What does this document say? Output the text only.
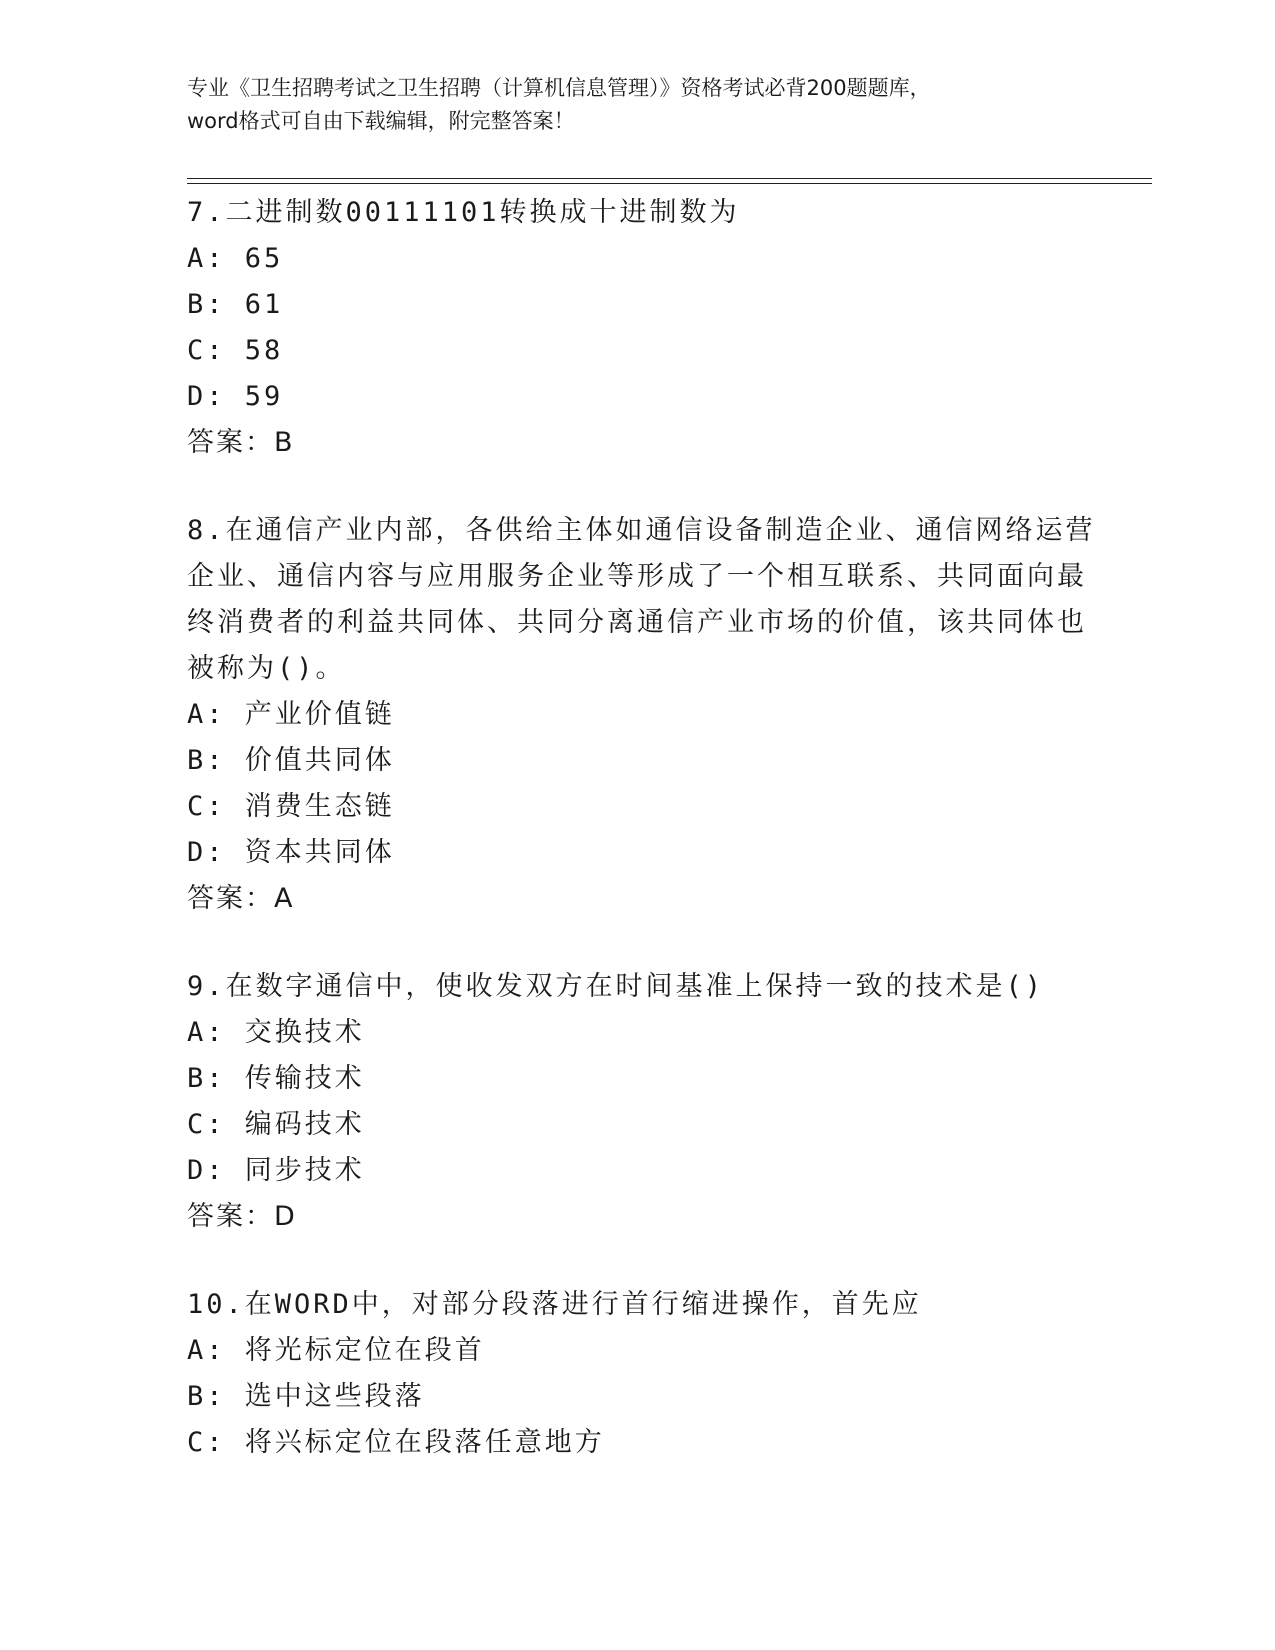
专业《卫生招聘考试之卫生招聘（计算机信息管理）》资格考试必背200题题库，
word格式可自由下载编辑，附完整答案！
7.二进制数00111101转换成十进制数为
A: 65
B: 61
C: 58
D: 59
答案：B
8.在通信产业内部，各供给主体如通信设备制造企业、通信网络运营
企业、通信内容与应用服务企业等形成了一个相互联系、共同面向最
终消费者的利益共同体、共同分离通信产业市场的价值，该共同体也
被称为()。
A: 产业价值链
B: 价值共同体
C: 消费生态链
D: 资本共同体
答案：A
9.在数字通信中，使收发双方在时间基准上保持一致的技术是()
A: 交换技术
B: 传输技术
C: 编码技术
D: 同步技术
答案：D
10.在WORD中，对部分段落进行首行缩进操作，首先应
A: 将光标定位在段首
B: 选中这些段落
C: 将兴标定位在段落任意地方
